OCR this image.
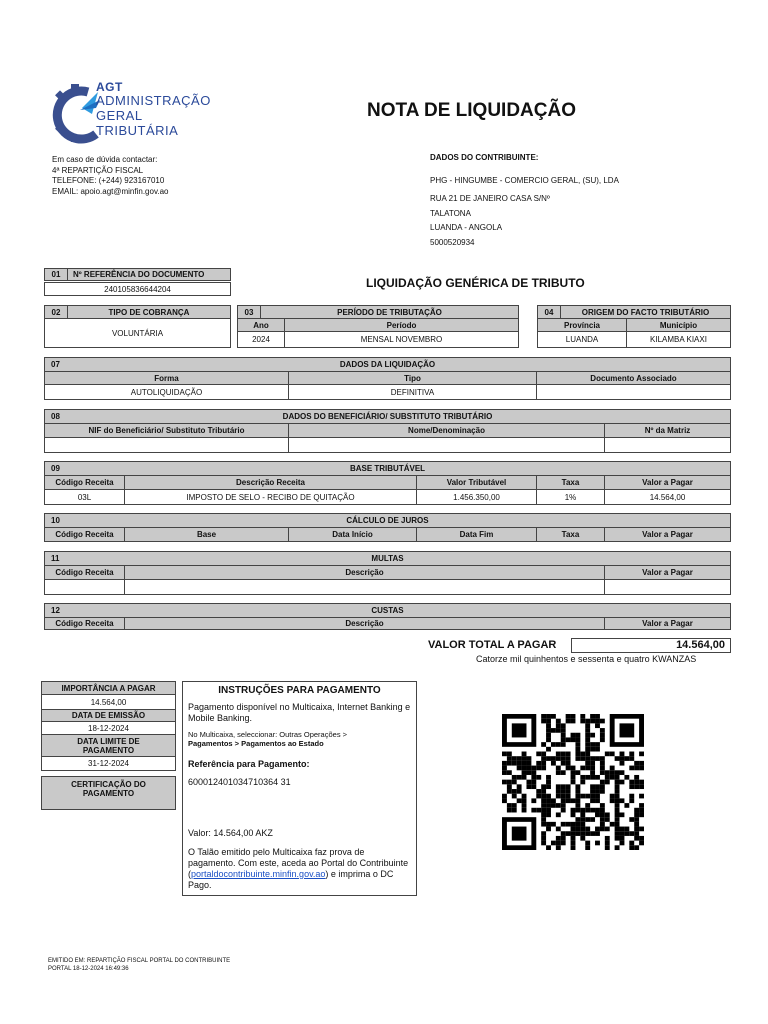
AGT
ADMINISTRAÇÃO
GERAL
TRIBUTÁRIA
NOTA DE LIQUIDAÇÃO
Em caso de dúvida contactar:
4ª REPARTIÇÃO FISCAL
TELEFONE: (+244) 923167010
EMAIL: apoio.agt@minfin.gov.ao
DADOS DO CONTRIBUINTE:
PHG - HINGUMBE - COMERCIO GERAL, (SU), LDA
RUA 21 DE JANEIRO CASA S/Nº
TALATONA
LUANDA - ANGOLA
5000520934
01	Nº REFERÊNCIA DO DOCUMENTO
240105836644204	LIQUIDAÇÃO GENÉRICA DE TRIBUTO
02	TIPO DE COBRANÇA
VOLUNTÁRIA
03	PERÍODO DE TRIBUTAÇÃO
Ano	Período
2024	MENSAL NOVEMBRO
04	ORIGEM DO FACTO TRIBUTÁRIO
Província	Município
LUANDA	KILAMBA KIAXI
07	DADOS DA LIQUIDAÇÃO
Forma	Tipo	Documento Associado
AUTOLIQUIDAÇÃO	DEFINITIVA
08	DADOS DO BENEFICIÁRIO/ SUBSTITUTO TRIBUTÁRIO
NIF do Beneficiário/ Substituto Tributário	Nome/Denominação	Nº da Matriz
09	BASE TRIBUTÁVEL
Código Receita	Descrição Receita	Valor Tributável	Taxa	Valor a Pagar
03L	IMPOSTO DE SELO - RECIBO DE QUITAÇÃO	1.456.350,00	1%	14.564,00
10	CÁLCULO DE JUROS
Código Receita	Base	Data Início	Data Fim	Taxa	Valor a Pagar
11	MULTAS
Código Receita	Descrição	Valor a Pagar
12	CUSTAS
Código Receita	Descrição	Valor a Pagar
VALOR TOTAL A PAGAR	14.564,00
Catorze mil quinhentos e sessenta e quatro KWANZAS
IMPORTÂNCIA A PAGAR
14.564,00
DATA DE EMISSÃO
18-12-2024
DATA LIMITE DE PAGAMENTO
31-12-2024
CERTIFICAÇÃO DO PAGAMENTO
INSTRUÇÕES PARA PAGAMENTO

Pagamento disponível no Multicaixa, Internet Banking e Mobile Banking.

No Multicaixa, seleccionar: Outras Operações >

Pagamentos > Pagamentos ao Estado

Referência para Pagamento:

600012401034710364 31

Valor: 14.564,00 AKZ

O Talão emitido pelo Multicaixa faz prova de pagamento. Com este, aceda ao Portal do Contribuinte (portaldocontribuinte.minfin.gov.ao) e imprima o DC Pago.

EMITIDO EM: REPARTIÇÃO FISCAL PORTAL DO CONTRIBUINTE
PORTAL 18-12-2024 16:49:36
